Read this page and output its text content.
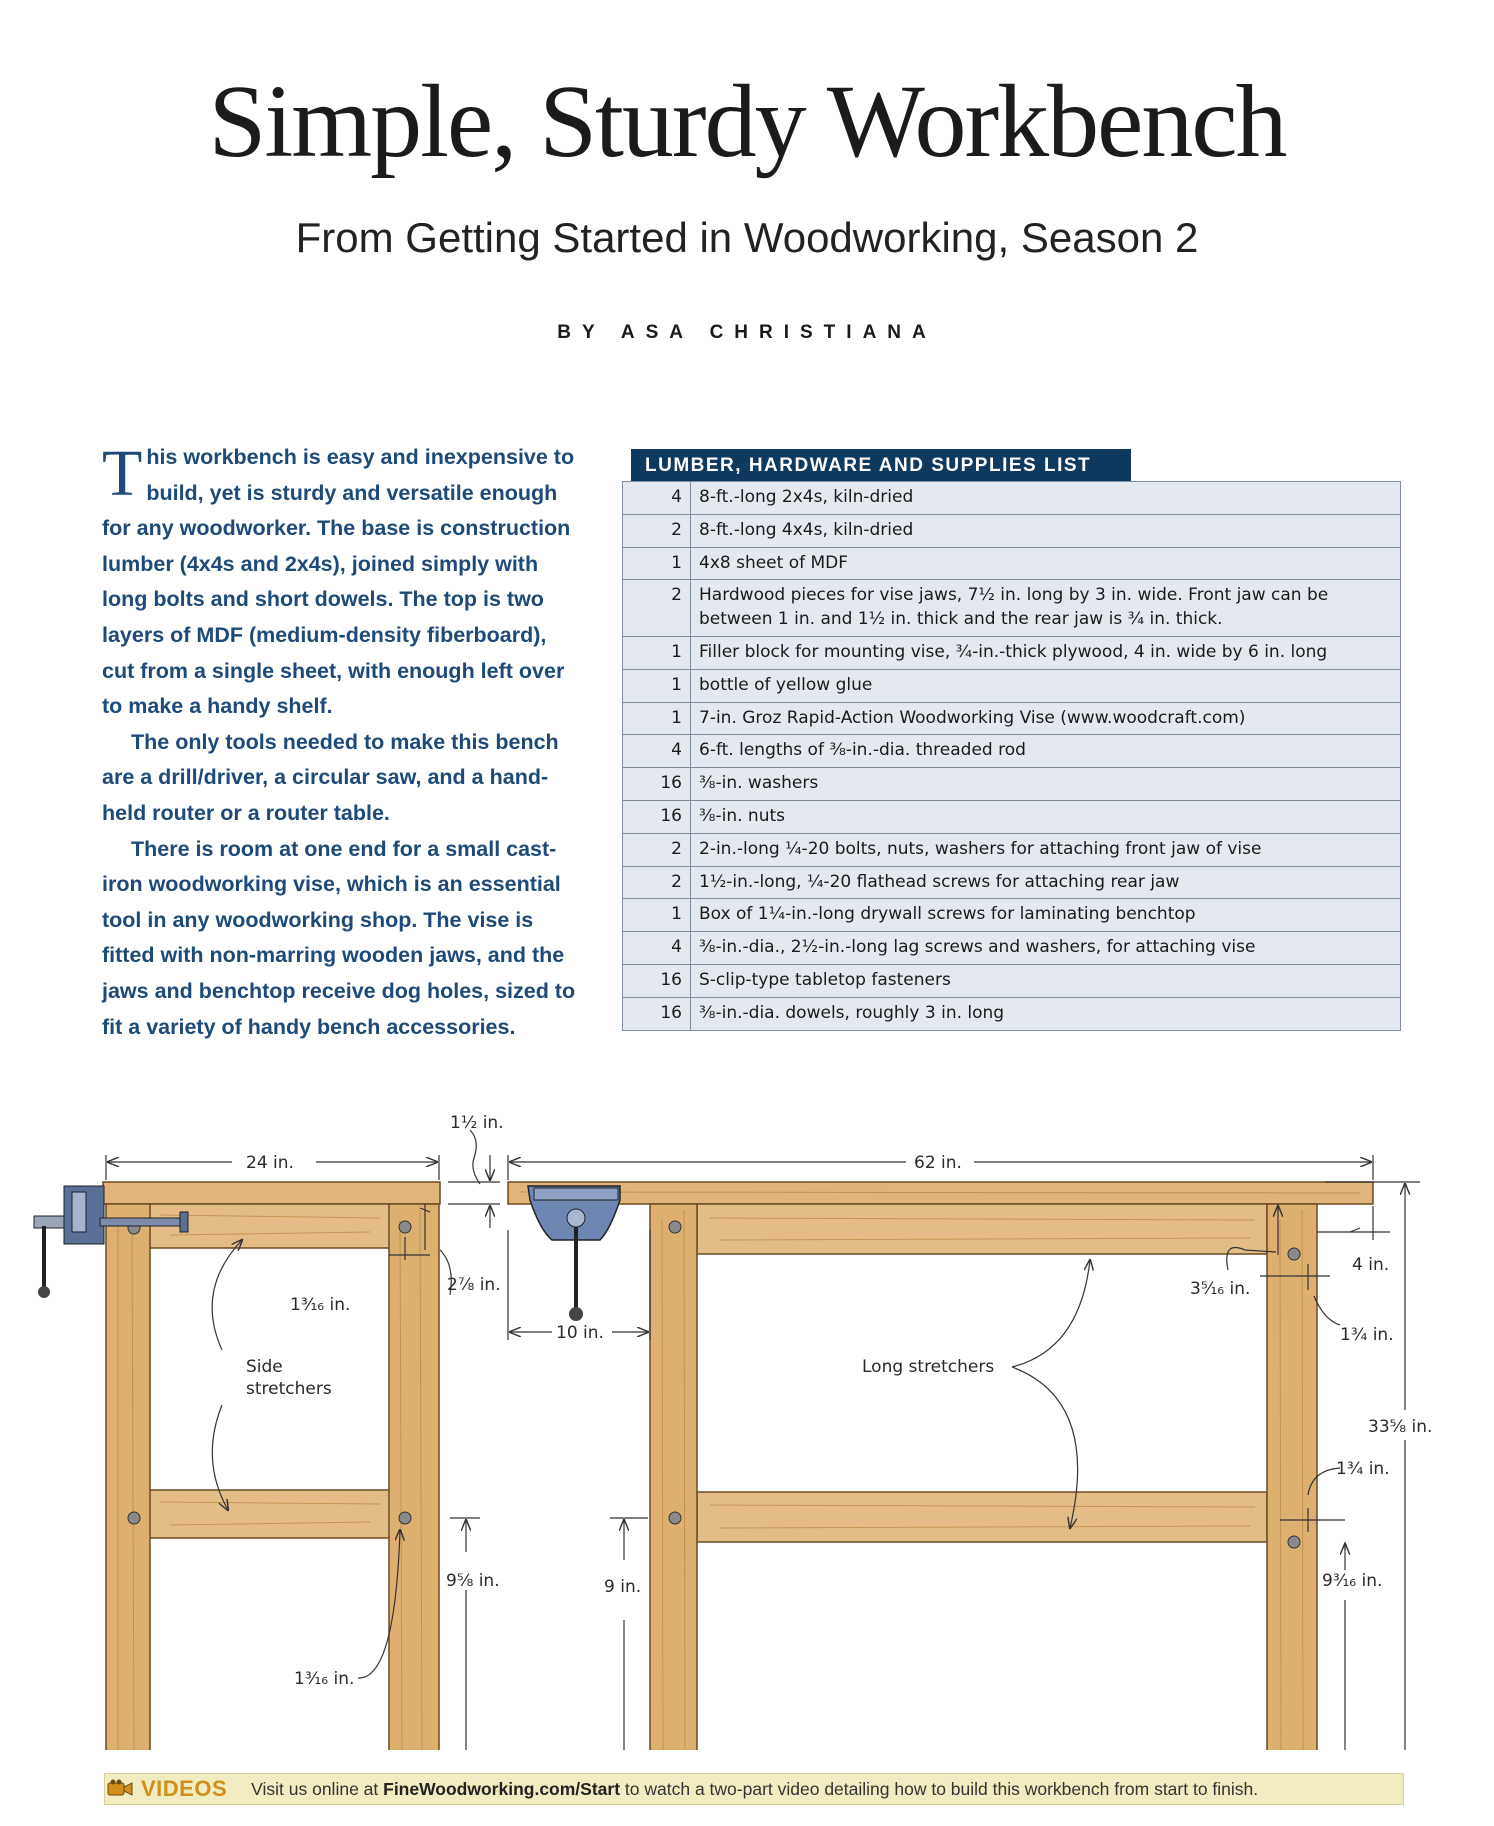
Simple, Sturdy Workbench
From Getting Started in Woodworking, Season 2
BY ASA CHRISTIANA

This workbench is easy and inexpensive to build, yet is sturdy and versatile enough for any woodworker. The base is construction lumber (4x4s and 2x4s), joined simply with long bolts and short dowels. The top is two layers of MDF (medium-density fiberboard), cut from a single sheet, with enough left over to make a handy shelf.

The only tools needed to make this bench are a drill/driver, a circular saw, and a hand-held router or a router table.

There is room at one end for a small cast-iron woodworking vise, which is an essential tool in any woodworking shop. The vise is fitted with non-marring wooden jaws, and the jaws and benchtop receive dog holes, sized to fit a variety of handy bench accessories.

LUMBER, HARDWARE AND SUPPLIES LIST
4	8-ft.-long 2x4s, kiln-dried
2	8-ft.-long 4x4s, kiln-dried
1	4x8 sheet of MDF
2	Hardwood pieces for vise jaws, 7½ in. long by 3 in. wide. Front jaw can be between 1 in. and 1½ in. thick and the rear jaw is ¾ in. thick.
1	Filler block for mounting vise, ¾-in.-thick plywood, 4 in. wide by 6 in. long
1	bottle of yellow glue
1	7-in. Groz Rapid-Action Woodworking Vise (www.woodcraft.com)
4	6-ft. lengths of ⅜-in.-dia. threaded rod
16	⅜-in. washers
16	⅜-in. nuts
2	2-in.-long ¼-20 bolts, nuts, washers for attaching front jaw of vise
2	1½-in.-long, ¼-20 flathead screws for attaching rear jaw
1	Box of 1¼-in.-long drywall screws for laminating benchtop
4	⅜-in.-dia., 2½-in.-long lag screws and washers, for attaching vise
16	S-clip-type tabletop fasteners
16	⅜-in.-dia. dowels, roughly 3 in. long
24 in.
1½ in.
1³⁄₁₆ in.
2⅞ in.
Side
stretchers
1³⁄₁₆ in.
9⅝ in.
62 in.
10 in.
4 in.
3⁵⁄₁₆ in.
1¾ in.
33⅝ in.
1¾ in.
Long stretchers
9³⁄₁₆ in.
9 in.
VIDEOS Visit us online at FineWoodworking.com/Start to watch a two-part video detailing how to build this workbench from start to finish.
